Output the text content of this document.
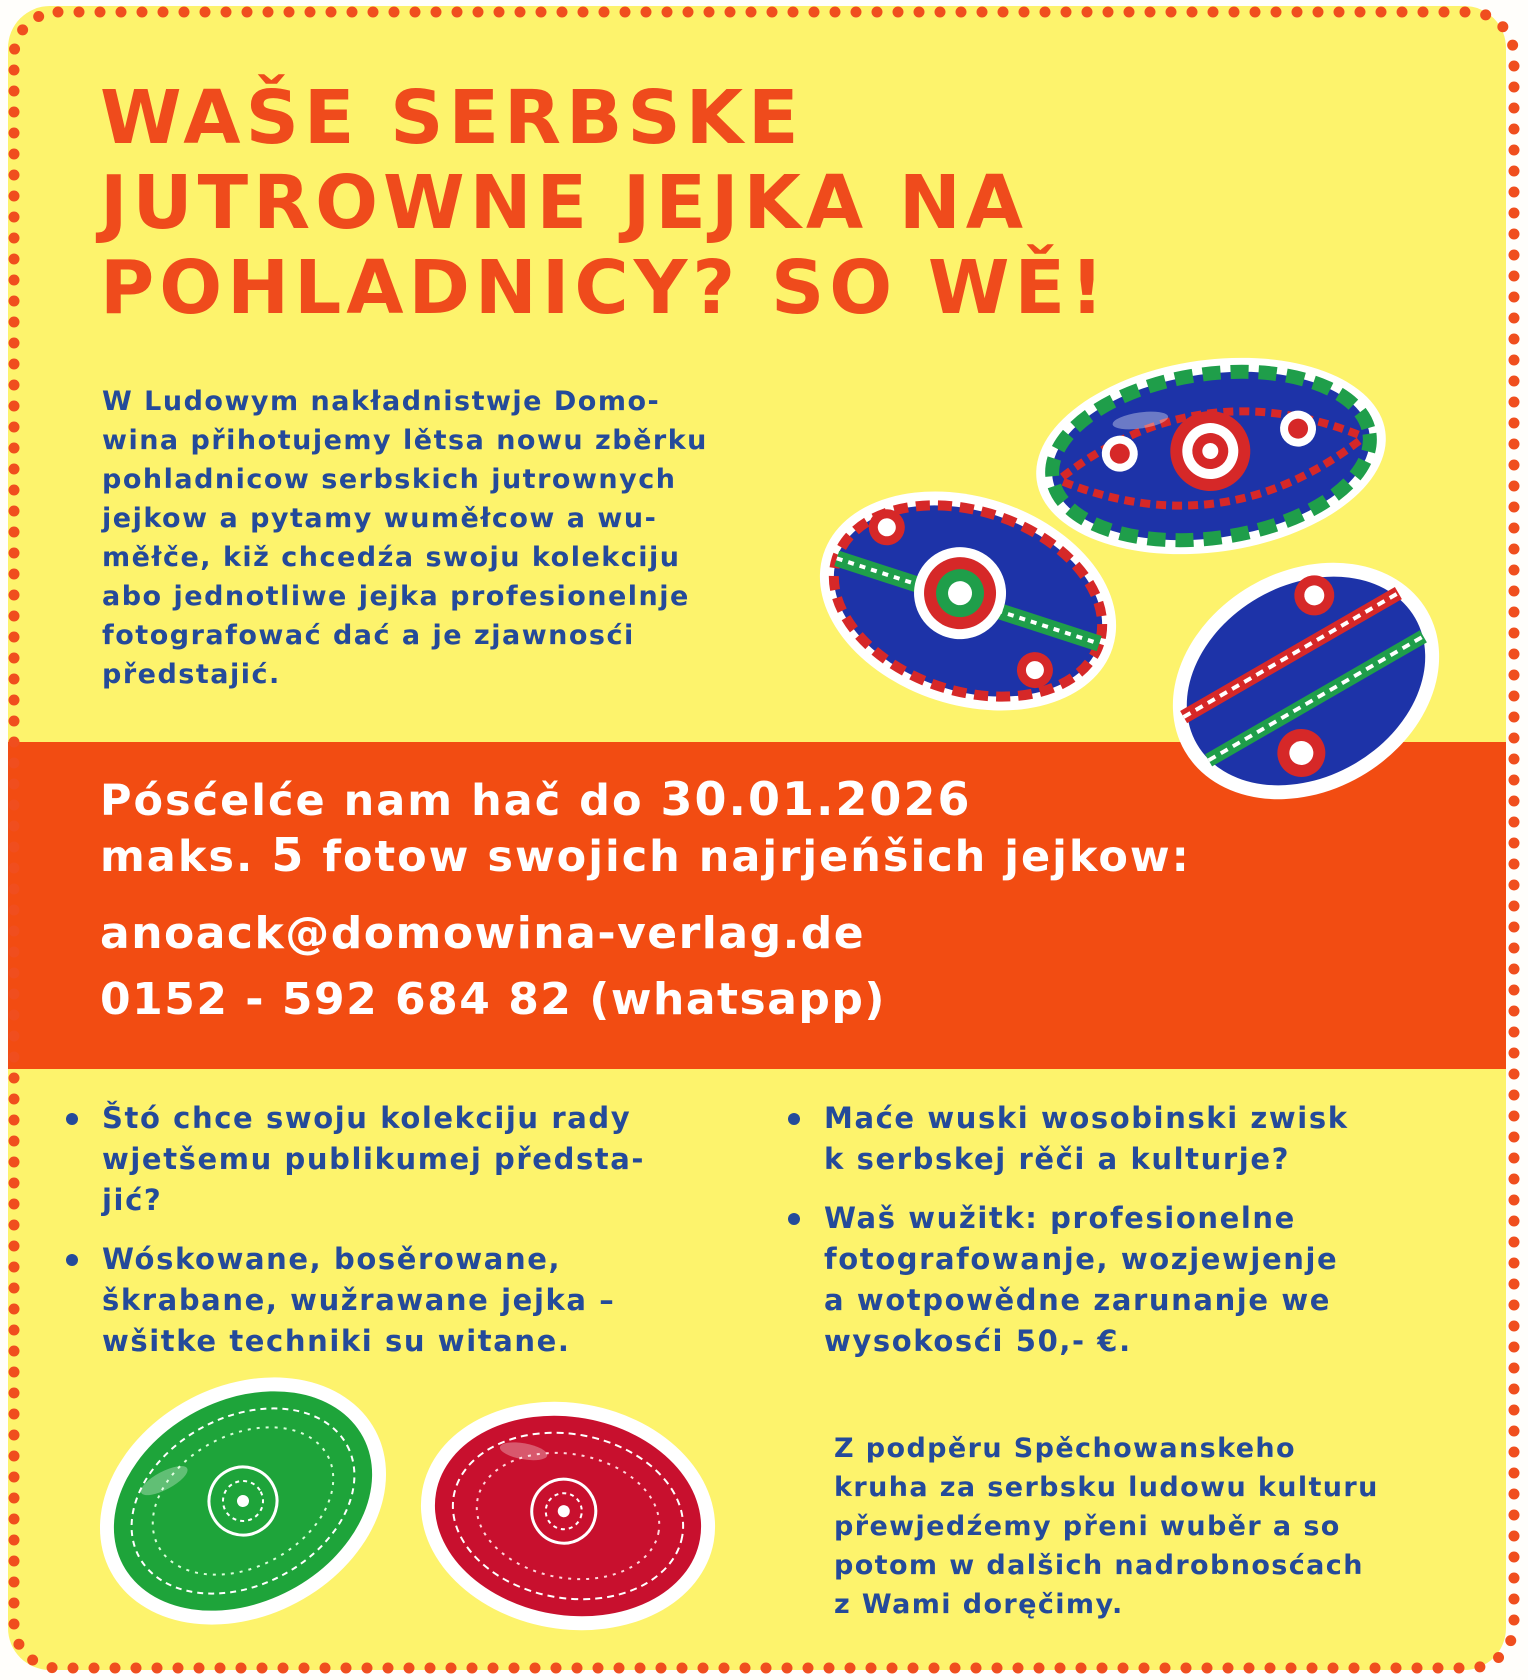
WAŠE SERBSKE
JUTROWNE JEJKA NA
POHLADNICY? SO WĚ!
W Ludowym nakładnistwje Domo-
wina přihotujemy lětsa nowu zběrku
pohladnicow serbskich jutrownych
jejkow a pytamy wuměłcow a wu-
měłče, kiž chcedźa swoju kolekciju
abo jednotliwe jejka profesionelnje
fotografować dać a je zjawnosći
předstajić.
Pósćelće nam hač do 30.01.2026
maks. 5 fotow swojich najrjeńšich jejkow:
anoack@domowina-verlag.de
0152 - 592 684 82 (whatsapp)
Štó chce swoju kolekciju rady
wjetšemu publikumej předsta-
jić?
Wóskowane, bosěrowane,
škrabane, wužrawane jejka –
wšitke techniki su witane.
Maće wuski wosobinski zwisk
k serbskej rěči a kulturje?
Waš wužitk: profesionelne
fotografowanje, wozjewjenje
a wotpowědne zarunanje we
wysokosći 50,- €.
Z podpěru Spěchowanskeho
kruha za serbsku ludowu kulturu
přewjedźemy přeni wuběr a so
potom w dalšich nadrobnosćach
z Wami doręčimy.
